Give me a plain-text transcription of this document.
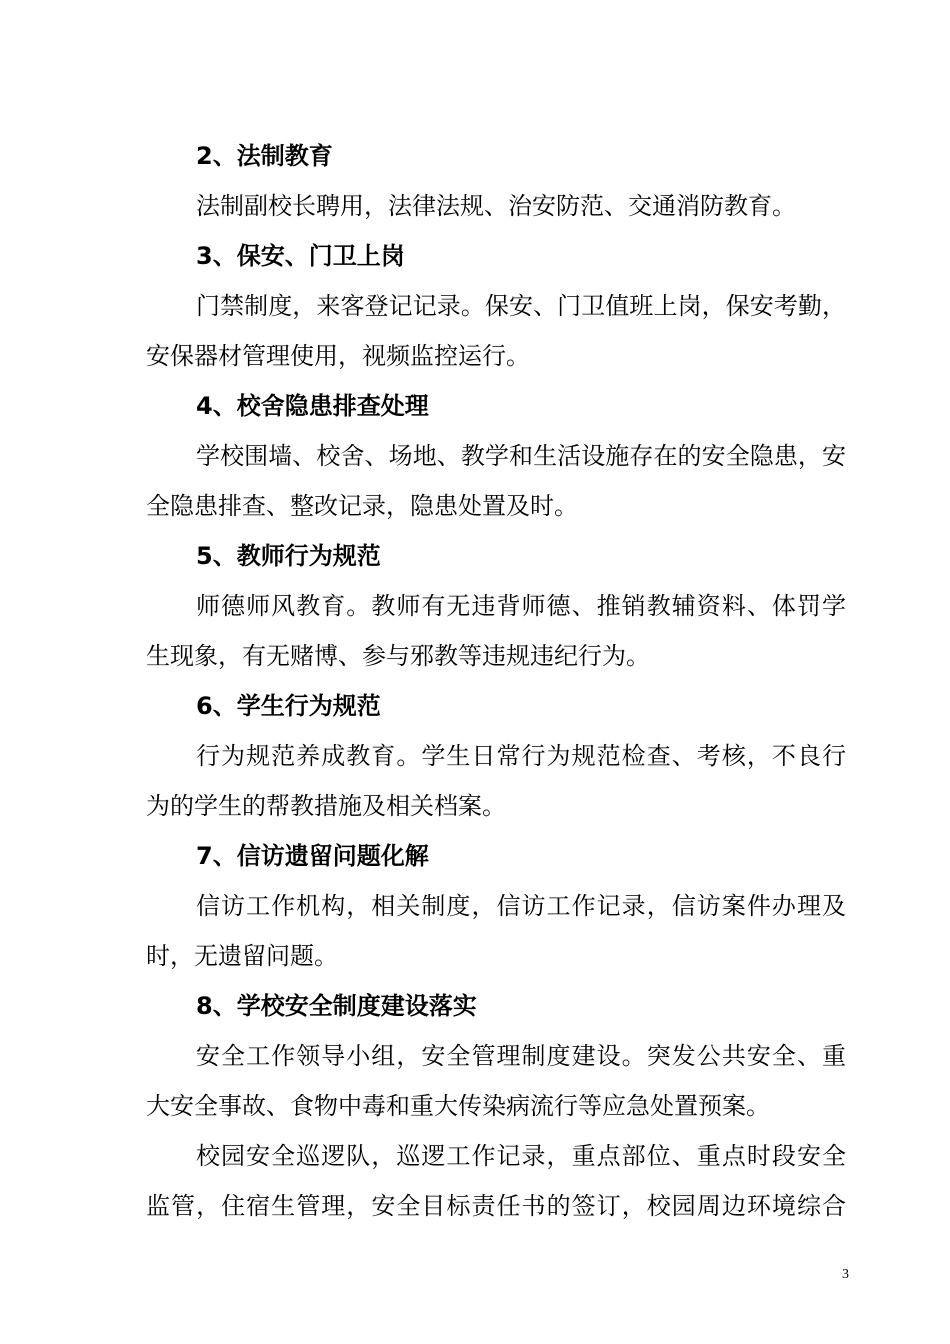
2、法制教育
法制副校长聘用，法律法规、治安防范、交通消防教育。
3、保安、门卫上岗
门禁制度，来客登记记录。保安、门卫值班上岗，保安考勤，
安保器材管理使用，视频监控运行。
4、校舍隐患排查处理
学校围墙、校舍、场地、教学和生活设施存在的安全隐患，安
全隐患排查、整改记录，隐患处置及时。
5、教师行为规范
师德师风教育。教师有无违背师德、推销教辅资料、体罚学
生现象，有无赌博、参与邪教等违规违纪行为。
6、学生行为规范
行为规范养成教育。学生日常行为规范检查、考核，不良行
为的学生的帮教措施及相关档案。
7、信访遗留问题化解
信访工作机构，相关制度，信访工作记录，信访案件办理及
时，无遗留问题。
8、学校安全制度建设落实
安全工作领导小组，安全管理制度建设。突发公共安全、重
大安全事故、食物中毒和重大传染病流行等应急处置预案。
校园安全巡逻队，巡逻工作记录，重点部位、重点时段安全
监管，住宿生管理，安全目标责任书的签订，校园周边环境综合
3
